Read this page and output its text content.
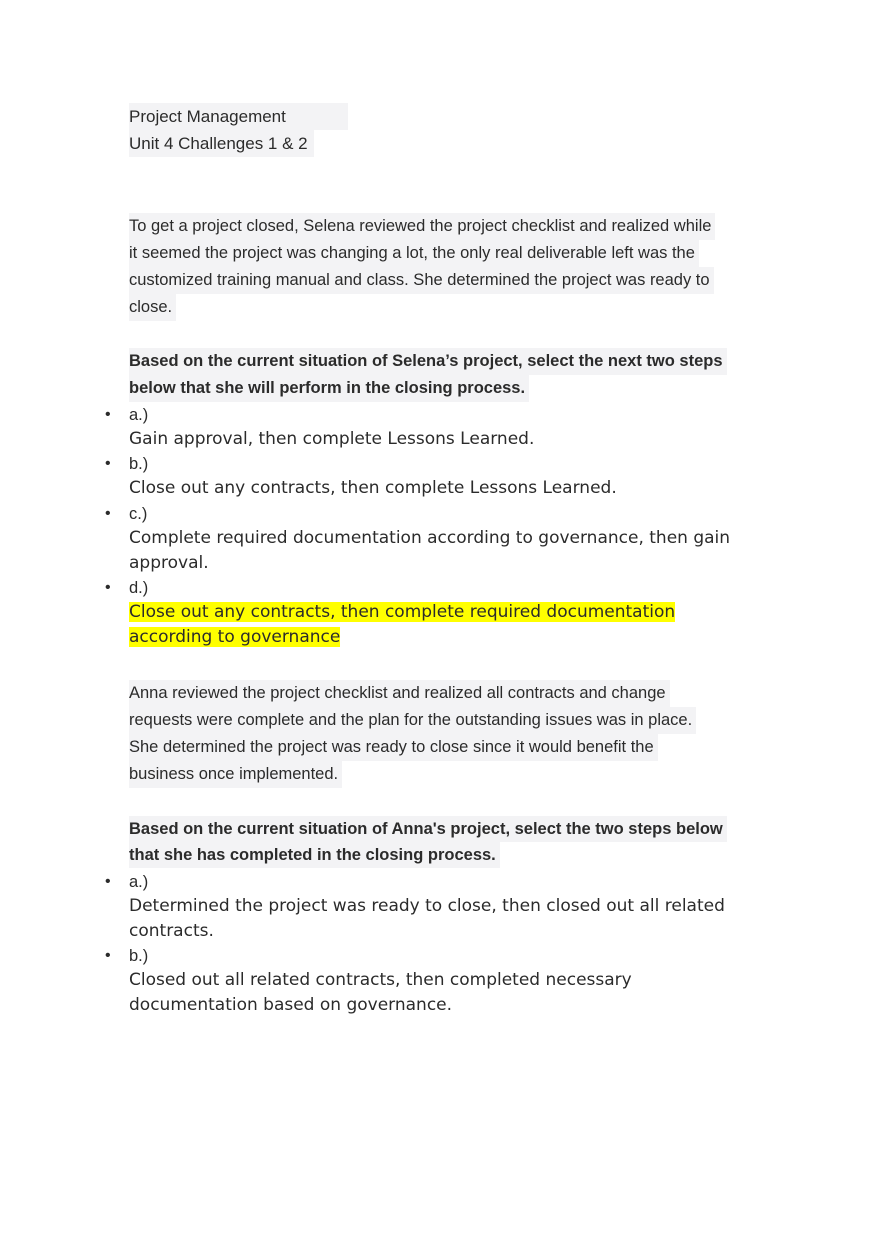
Project Management
Unit 4 Challenges 1 & 2
To get a project closed, Selena reviewed the project checklist and realized while
it seemed the project was changing a lot, the only real deliverable left was the
customized training manual and class. She determined the project was ready to
close.
Based on the current situation of Selena’s project, select the next two steps
below that she will perform in the closing process.
• a.)
Gain approval, then complete Lessons Learned.
• b.)
Close out any contracts, then complete Lessons Learned.
• c.)
Complete required documentation according to governance, then gain approval.
• d.)
Close out any contracts, then complete required documentation
according to governance
Anna reviewed the project checklist and realized all contracts and change
requests were complete and the plan for the outstanding issues was in place.
She determined the project was ready to close since it would benefit the
business once implemented.
Based on the current situation of Anna's project, select the two steps below
that she has completed in the closing process.
• a.)
Determined the project was ready to close, then closed out all related contracts.
• b.)
Closed out all related contracts, then completed necessary documentation based on governance.
